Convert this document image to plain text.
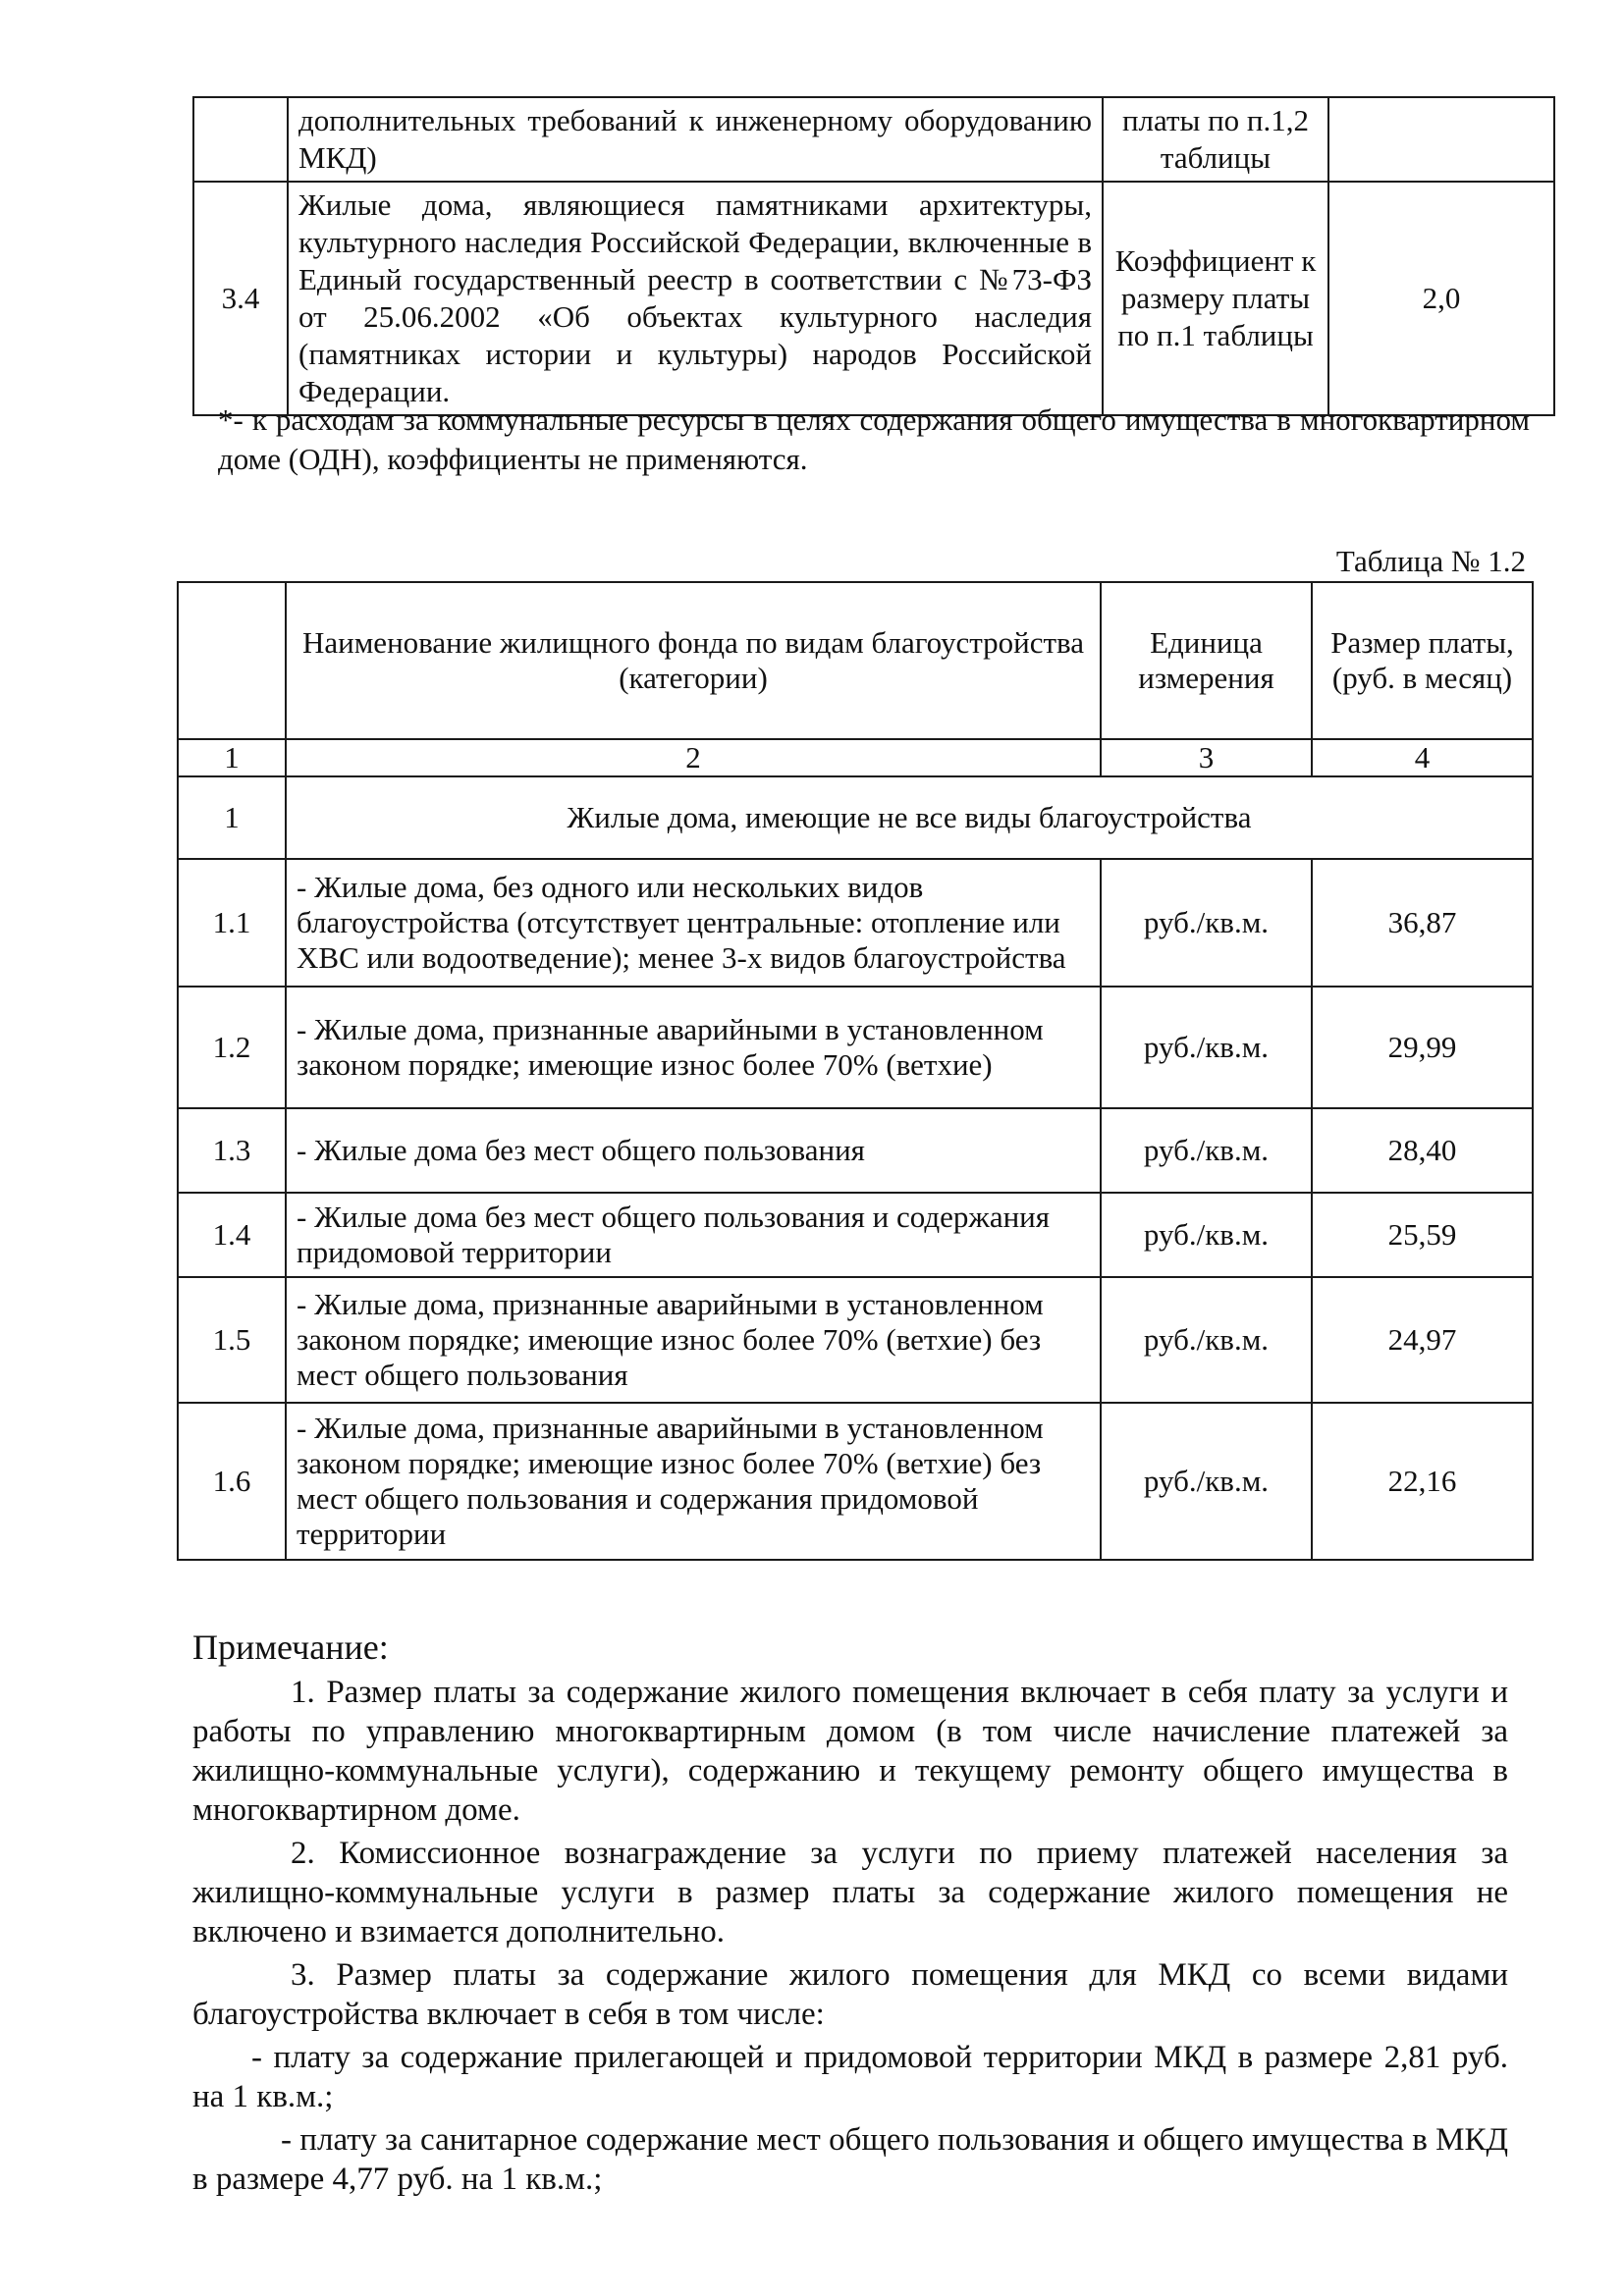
	дополнительных требований к инженерному оборудованию МКД)	платы по п.1,2 таблицы	
3.4	Жилые дома, являющиеся памятниками архитектуры, культурного наследия Российской Федерации, включенные в Единый государственный реестр в соответствии с №73-ФЗ от 25.06.2002 «Об объектах культурного наследия (памятниках истории и культуры) народов Российской Федерации.	Коэффициент к размеру платы по п.1 таблицы	2,0
*- к расходам за коммунальные ресурсы в целях содержания общего имущества в многоквартирном доме (ОДН), коэффициенты не применяются.
Таблица № 1.2
	Наименование жилищного фонда по видам благоустройства (категории)	Единица измерения	Размер платы, (руб. в месяц)
1	2	3	4
1	Жилые дома, имеющие не все виды благоустройства		
1.1	- Жилые дома, без одного или нескольких видов благоустройства (отсутствует центральные: отопление или ХВС или водоотведение); менее 3-х видов благоустройства	руб./кв.м.	36,87
1.2	- Жилые дома, признанные аварийными в установленном законом порядке; имеющие износ более 70% (ветхие)	руб./кв.м.	29,99
1.3	- Жилые дома без мест общего пользования	руб./кв.м.	28,40
1.4	- Жилые дома без мест общего пользования и содержания придомовой территории	руб./кв.м.	25,59
1.5	- Жилые дома, признанные аварийными в установленном законом порядке; имеющие износ более 70% (ветхие) без мест общего пользования	руб./кв.м.	24,97
1.6	- Жилые дома, признанные аварийными в установленном законом порядке; имеющие износ более 70% (ветхие) без мест общего пользования и содержания придомовой территории	руб./кв.м.	22,16
Примечание:

1. Размер платы за содержание жилого помещения включает в себя плату за услуги и работы по управлению многоквартирным домом (в том числе начисление платежей за жилищно-коммунальные услуги), содержанию и текущему ремонту общего имущества в многоквартирном доме.

2. Комиссионное вознаграждение за услуги по приему платежей населения за жилищно-коммунальные услуги в размер платы за содержание жилого помещения не включено и взимается дополнительно.

3. Размер платы за содержание жилого помещения для МКД со всеми видами благоустройства включает в себя в том числе:

- плату за содержание прилегающей и придомовой территории МКД в размере 2,81 руб. на 1 кв.м.;

- плату за санитарное содержание мест общего пользования и общего имущества в МКД в размере 4,77 руб. на 1 кв.м.;
